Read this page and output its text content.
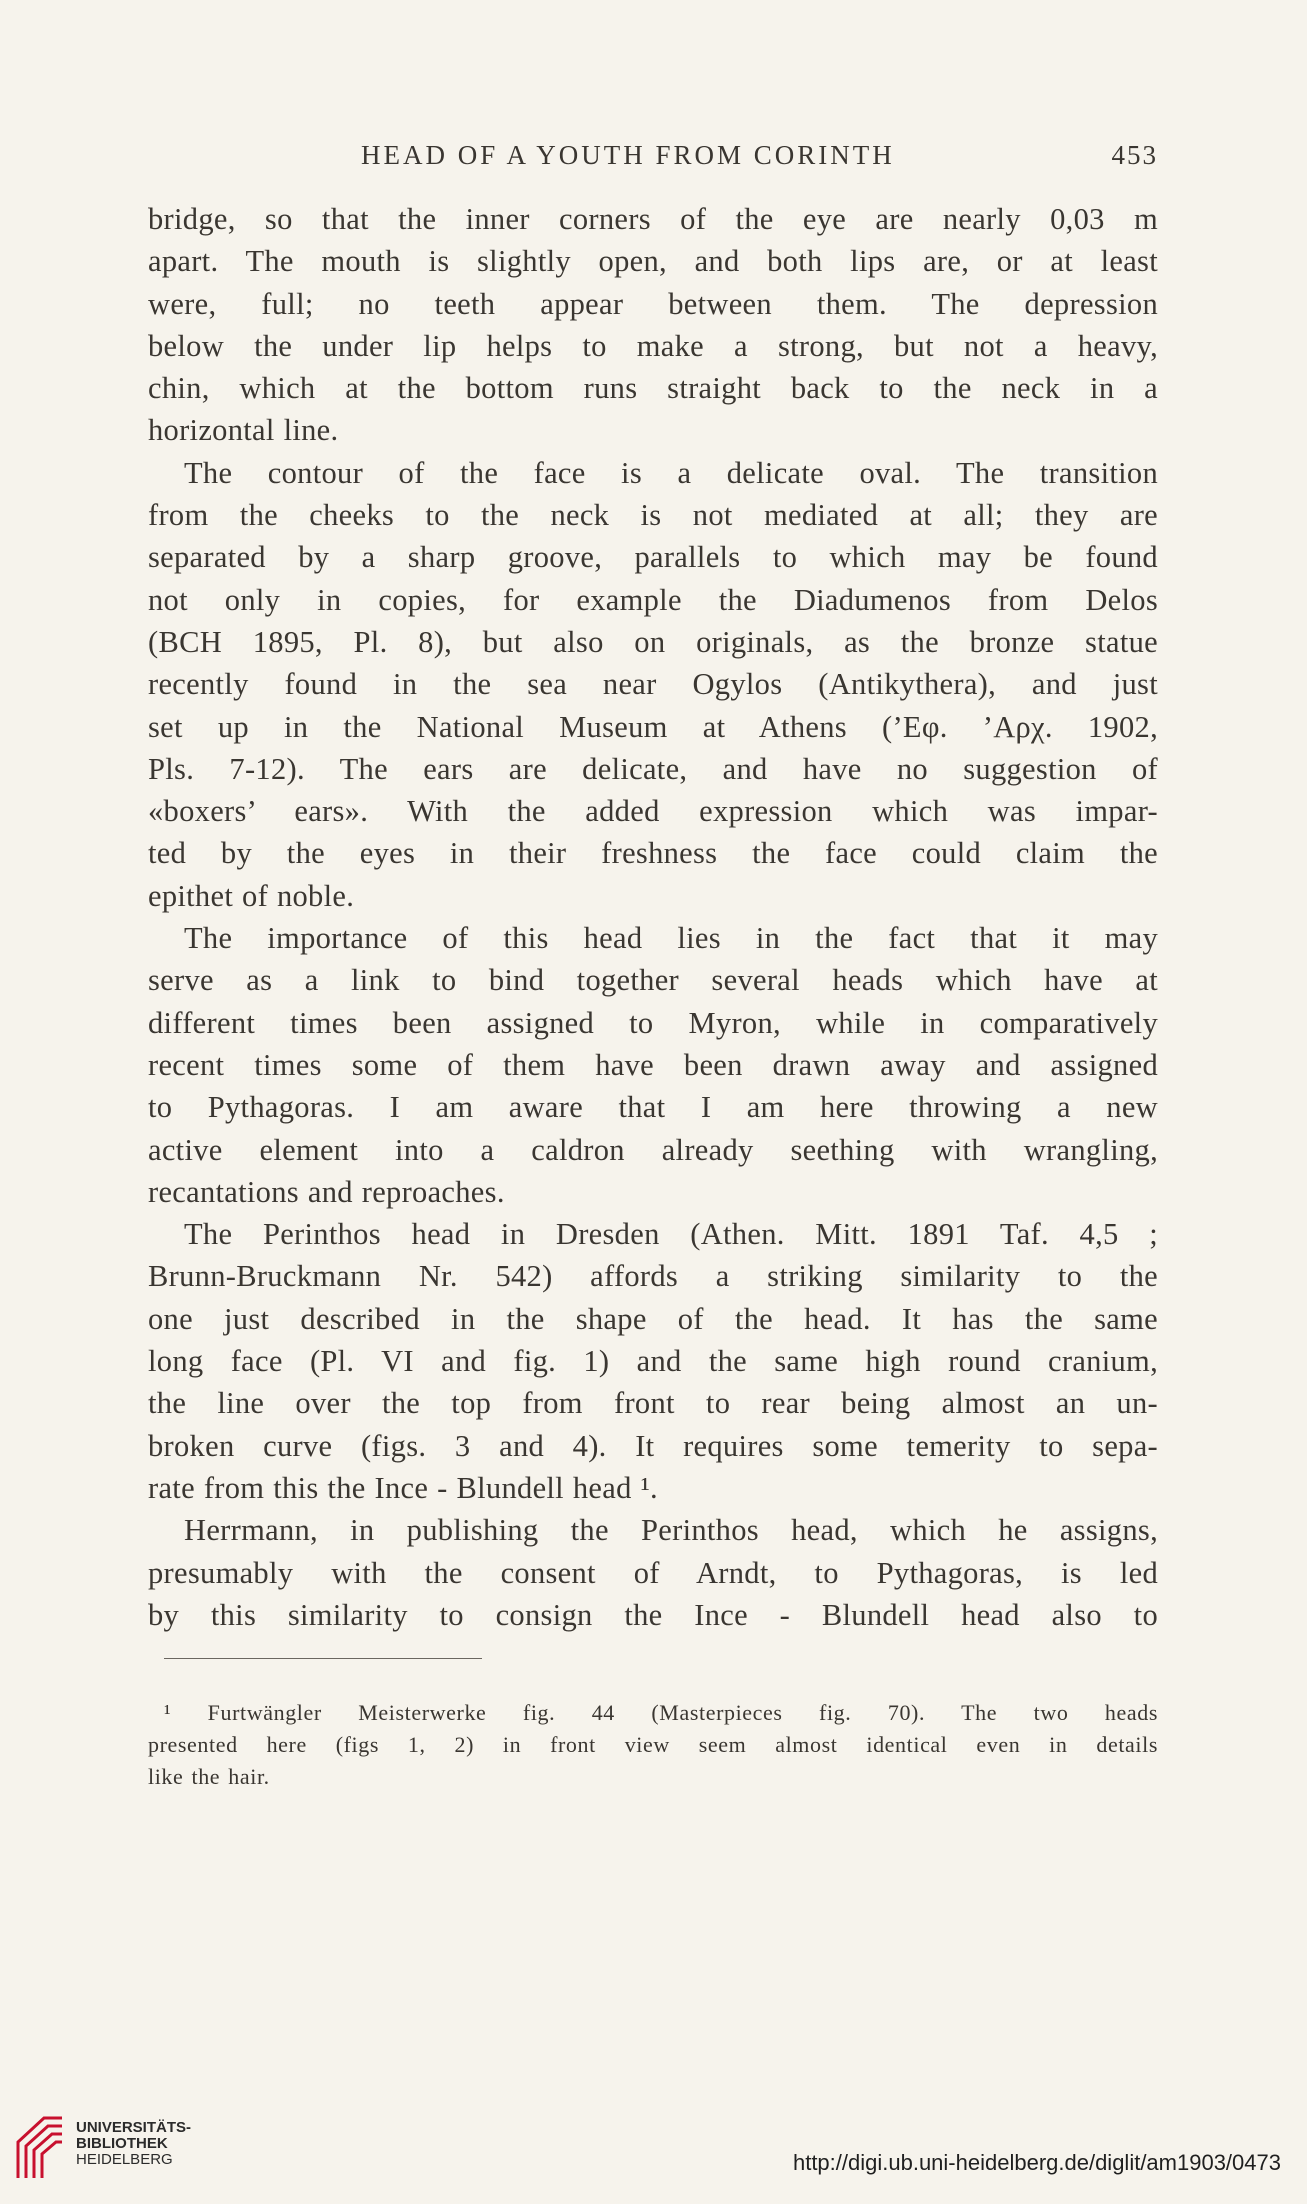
HEAD OF A YOUTH FROM CORINTH	453
bridge, so that the inner corners of the eye are nearly 0,03 m
apart. The mouth is slightly open, and both lips are, or at least
were, full; no teeth appear between them. The depression
below the under lip helps to make a strong, but not a heavy,
chin, which at the bottom runs straight back to the neck in a
horizontal line.
The contour of the face is a delicate oval. The transition
from the cheeks to the neck is not mediated at all; they are
separated by a sharp groove, parallels to which may be found
not only in copies, for example the Diadumenos from Delos
(BCH 1895, Pl. 8), but also on originals, as the bronze statue
recently found in the sea near Ogylos (Antikythera), and just
set up in the National Museum at Athens (’Εφ. ’Αρχ. 1902,
Pls. 7-12). The ears are delicate, and have no suggestion of
«boxers’ ears». With the added expression which was impar-
ted by the eyes in their freshness the face could claim the
epithet of noble.
The importance of this head lies in the fact that it may
serve as a link to bind together several heads which have at
different times been assigned to Myron, while in comparatively
recent times some of them have been drawn away and assigned
to Pythagoras. I am aware that I am here throwing a new
active element into a caldron already seething with wrangling,
recantations and reproaches.
The Perinthos head in Dresden (Athen. Mitt. 1891 Taf. 4,5 ;
Brunn-Bruckmann Nr. 542) affords a striking similarity to the
one just described in the shape of the head. It has the same
long face (Pl. VI and fig. 1) and the same high round cranium,
the line over the top from front to rear being almost an un-
broken curve (figs. 3 and 4). It requires some temerity to sepa-
rate from this the Ince - Blundell head ¹.
Herrmann, in publishing the Perinthos head, which he assigns,
presumably with the consent of Arndt, to Pythagoras, is led
by this similarity to consign the Ince - Blundell head also to
¹ Furtwängler Meisterwerke fig. 44 (Masterpieces fig. 70). The two heads
presented here (figs 1, 2) in front view seem almost identical even in details
like the hair.
UNIVERSITÄTS-
BIBLIOTHEK
HEIDELBERG	http://digi.ub.uni-heidelberg.de/diglit/am1903/0473
